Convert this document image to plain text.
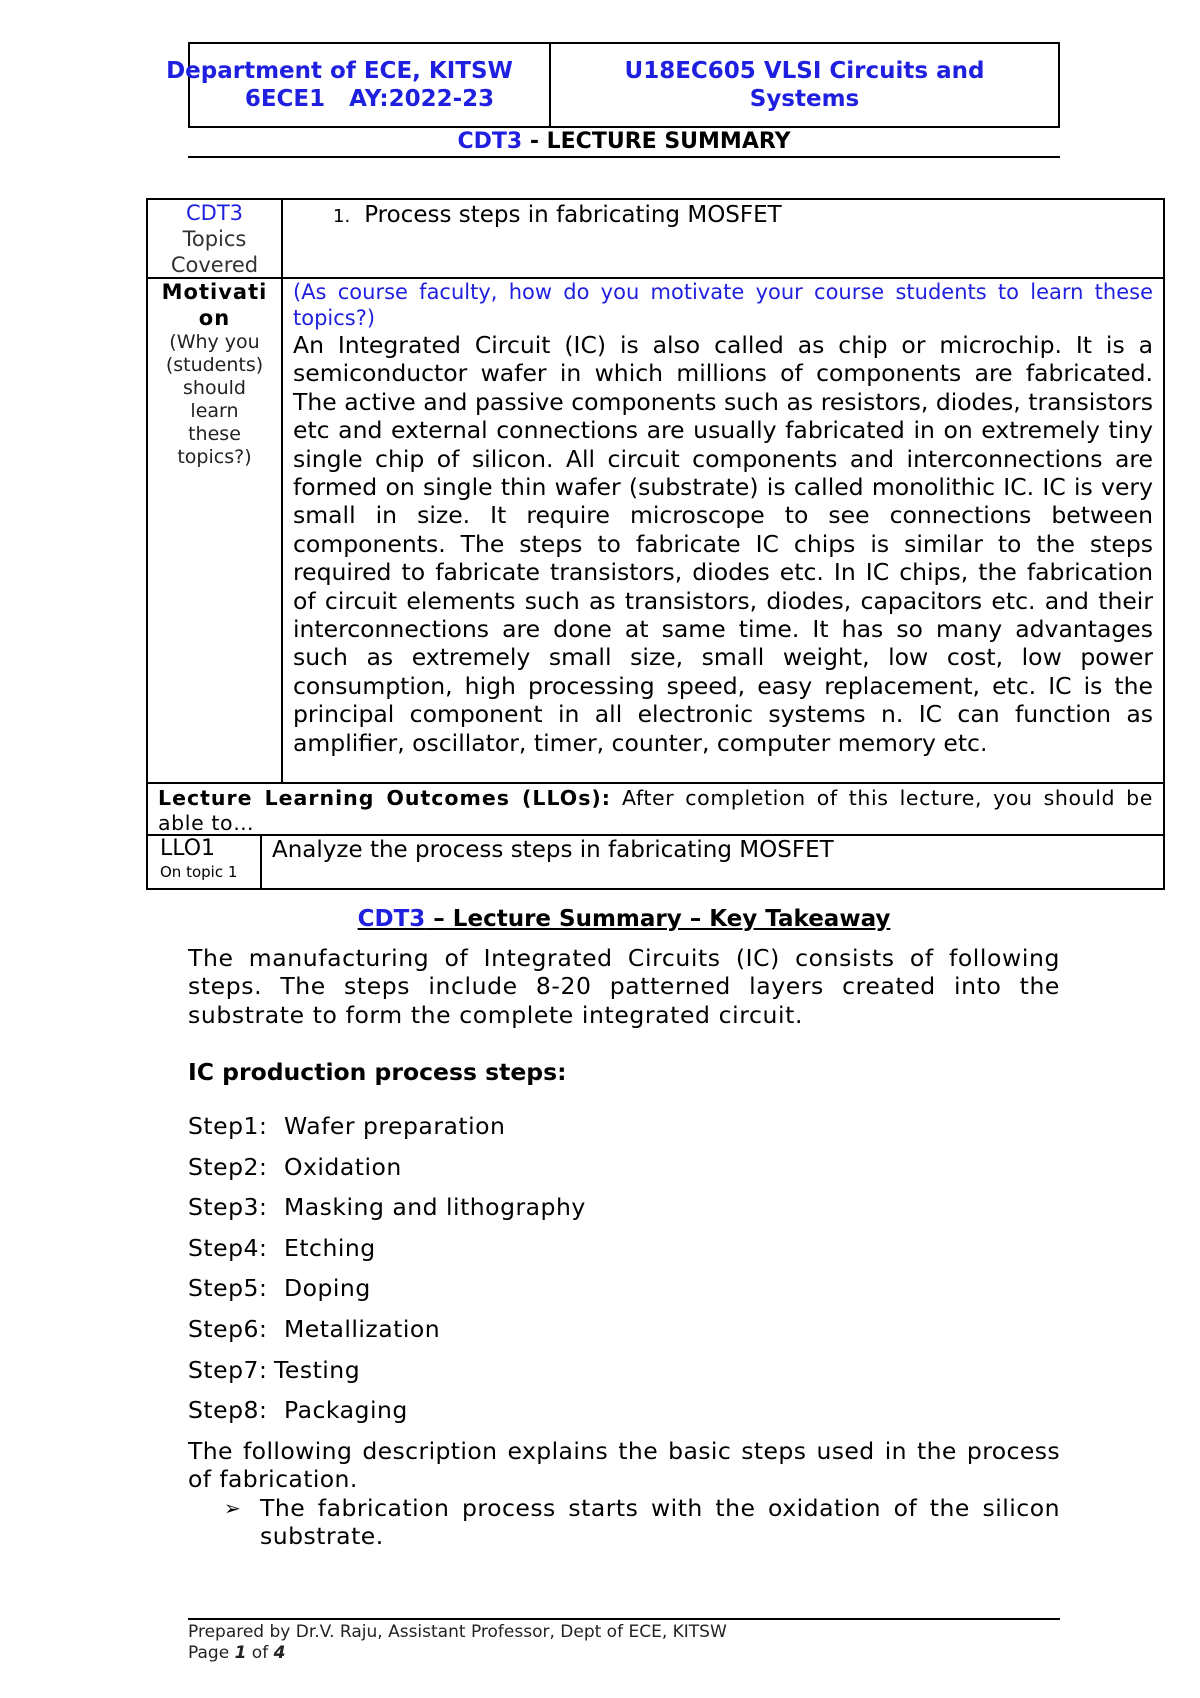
Department of ECE, KITSW
6ECE1   AY:2022-23
U18EC605 VLSI Circuits and
Systems
CDT3 - LECTURE SUMMARY
CDT3
Topics
Covered
1. Process steps in fabricating MOSFET
Motivati
on
(Why you
(students)
should
learn
these
topics?)
(As course faculty, how do you motivate your course students to learn these topics?)
An Integrated Circuit (IC) is also called as chip or microchip. It is a semiconductor wafer in which millions of components are fabricated. The active and passive components such as resistors, diodes, transistors etc and external connections are usually fabricated in on extremely tiny single chip of silicon. All circuit components and interconnections are formed on single thin wafer (substrate) is called monolithic IC. IC is very small in size. It require microscope to see connections between components. The steps to fabricate IC chips is similar to the steps required to fabricate transistors, diodes etc. In IC chips, the fabrication of circuit elements such as transistors, diodes, capacitors etc. and their interconnections are done at same time. It has so many advantages such as extremely small size, small weight, low cost, low power consumption, high processing speed, easy replacement, etc. IC is the principal component in all electronic systems n. IC can function as amplifier, oscillator, timer, counter, computer memory etc.
Lecture Learning Outcomes (LLOs): After completion of this lecture, you should be able to…
LLO1
On topic 1
Analyze the process steps in fabricating MOSFET
CDT3 – Lecture Summary – Key Takeaway
The manufacturing of Integrated Circuits (IC) consists of following steps. The steps include 8-20 patterned layers created into the substrate to form the complete integrated circuit.
IC production process steps:
Step1: Wafer preparation
Step2: Oxidation
Step3: Masking and lithography
Step4: Etching
Step5: Doping
Step6: Metallization
Step7: Testing
Step8: Packaging
The following description explains the basic steps used in the process of fabrication.
➢ The fabrication process starts with the oxidation of the silicon substrate.
Prepared by Dr.V. Raju, Assistant Professor, Dept of ECE, KITSW
Page 1 of 4
